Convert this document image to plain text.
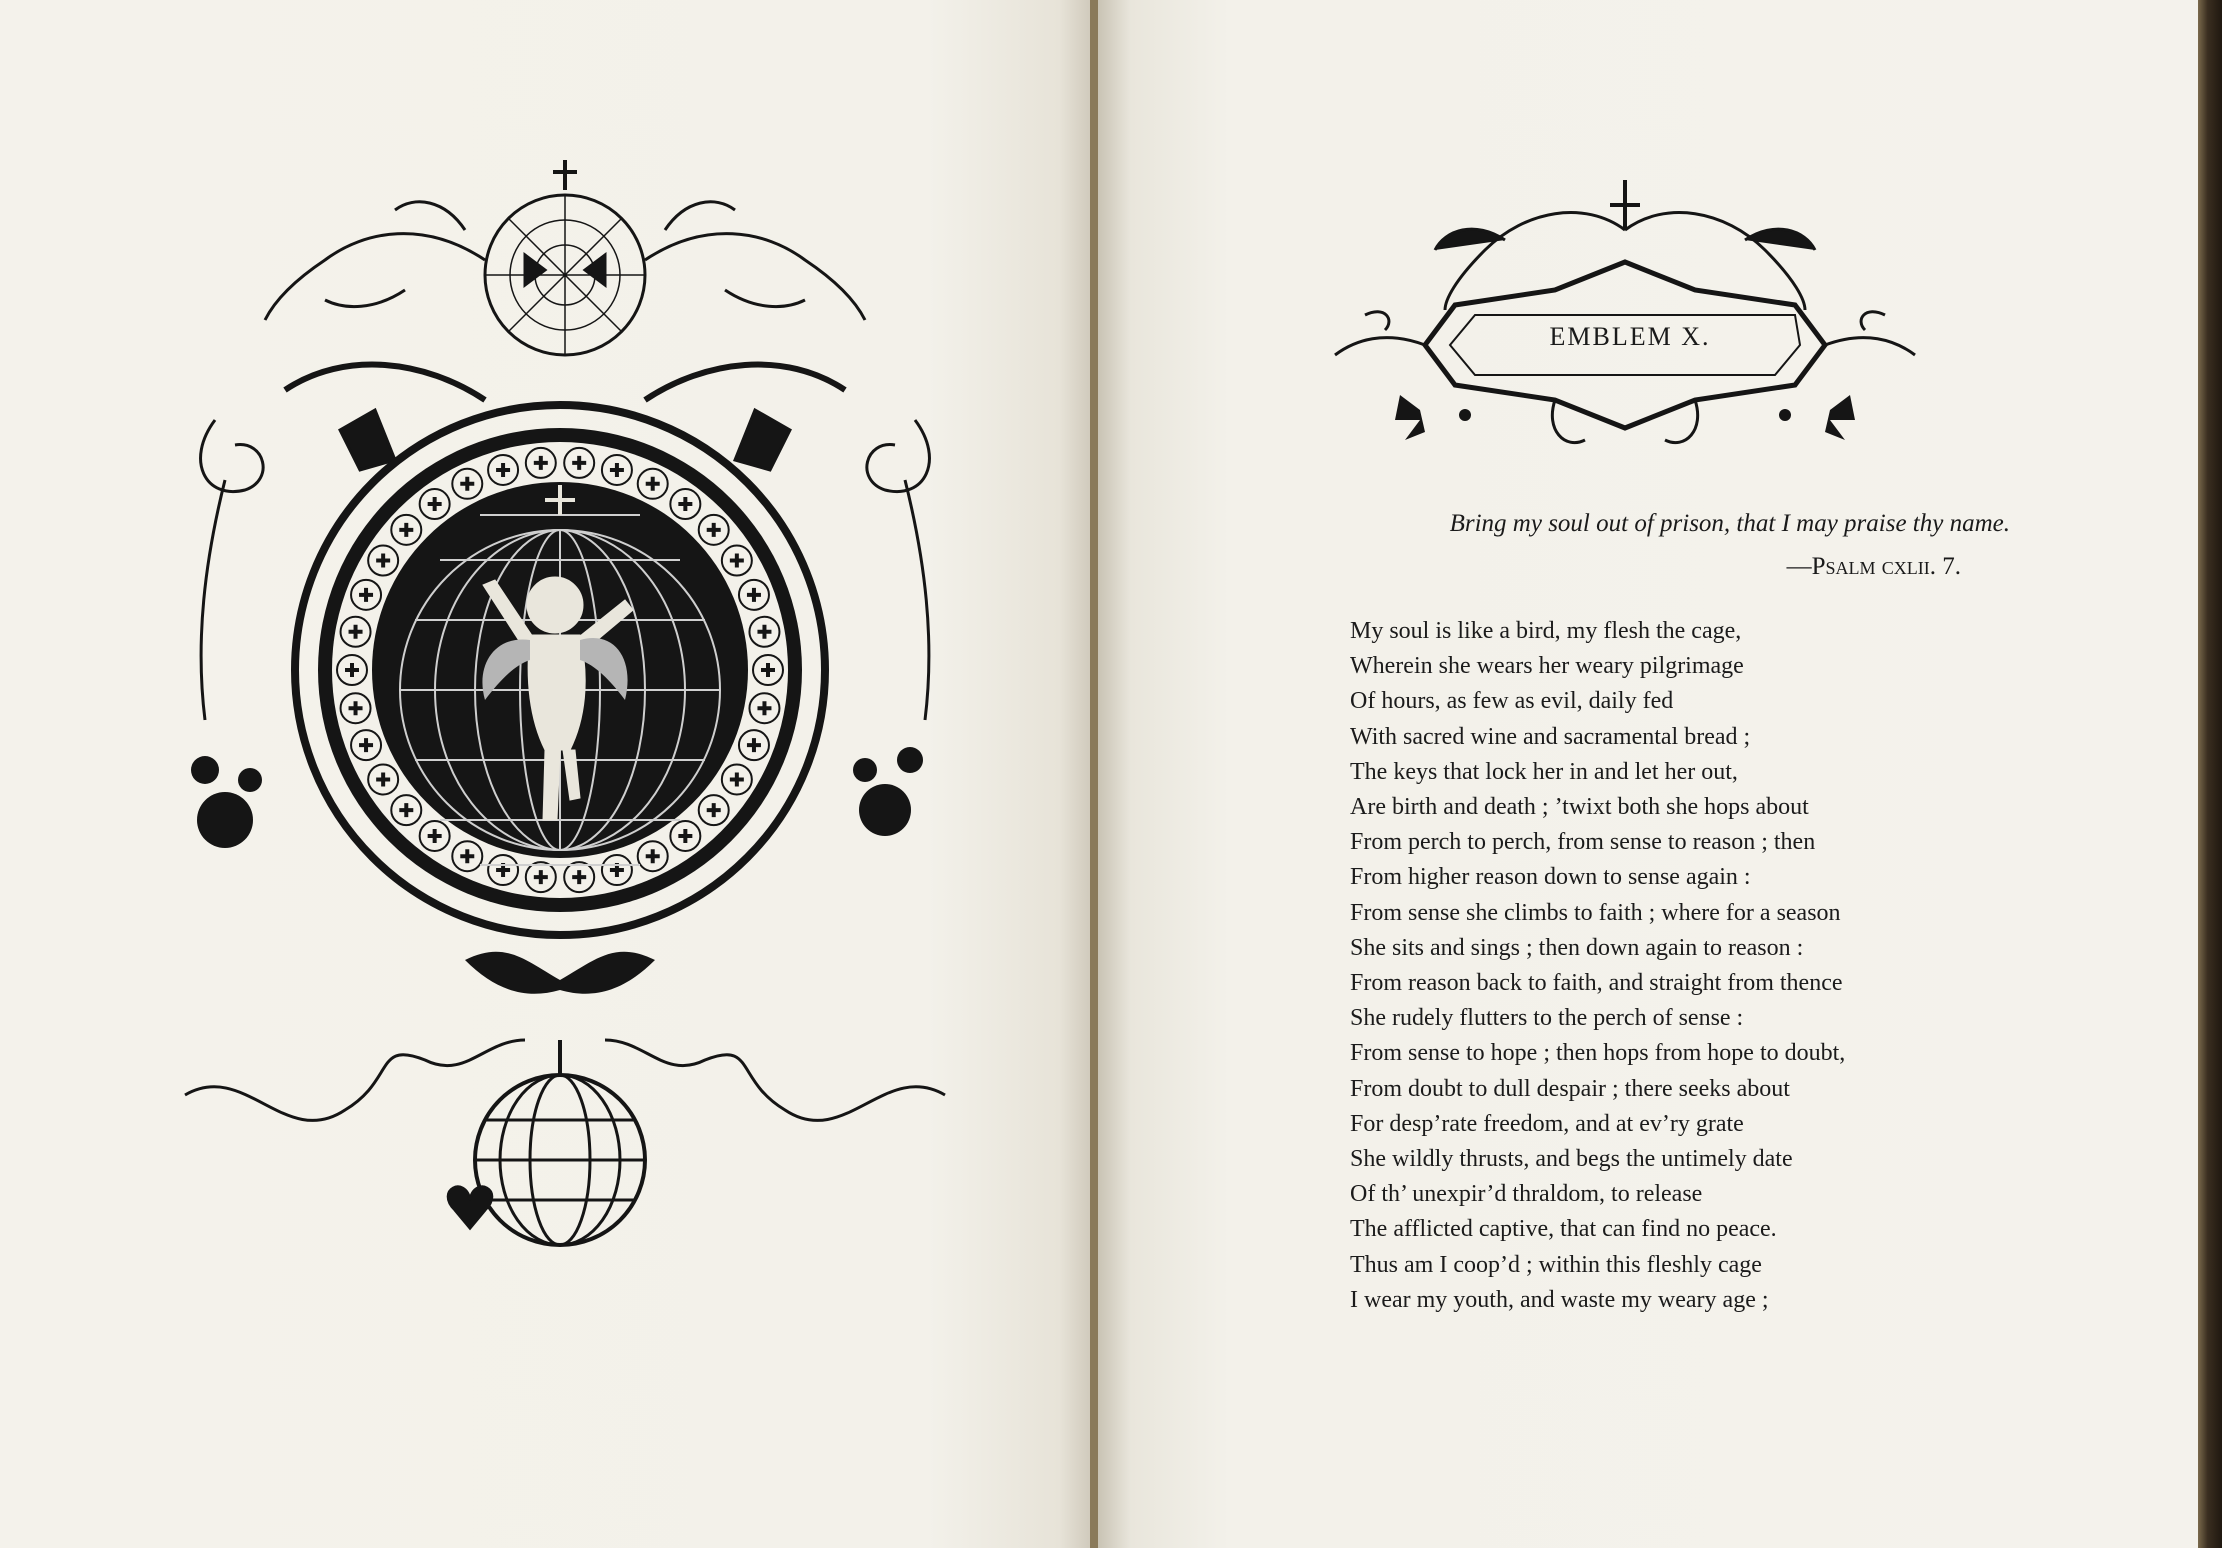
EMBLEM X.
Bring my soul out of prison, that I may praise thy name.
—Psalm cxlii. 7.
My soul is like a bird, my flesh the cage,
Wherein she wears her weary pilgrimage
Of hours, as few as evil, daily fed
With sacred wine and sacramental bread ;
The keys that lock her in and let her out,
Are birth and death ; ’twixt both she hops about
From perch to perch, from sense to reason ; then
From higher reason down to sense again :
From sense she climbs to faith ; where for a season
She sits and sings ; then down again to reason :
From reason back to faith, and straight from thence
She rudely flutters to the perch of sense :
From sense to hope ; then hops from hope to doubt,
From doubt to dull despair ; there seeks about
For desp’rate freedom, and at ev’ry grate
She wildly thrusts, and begs the untimely date
Of th’ unexpir’d thraldom, to release
The afflicted captive, that can find no peace.
Thus am I coop’d ; within this fleshly cage
I wear my youth, and waste my weary age ;
